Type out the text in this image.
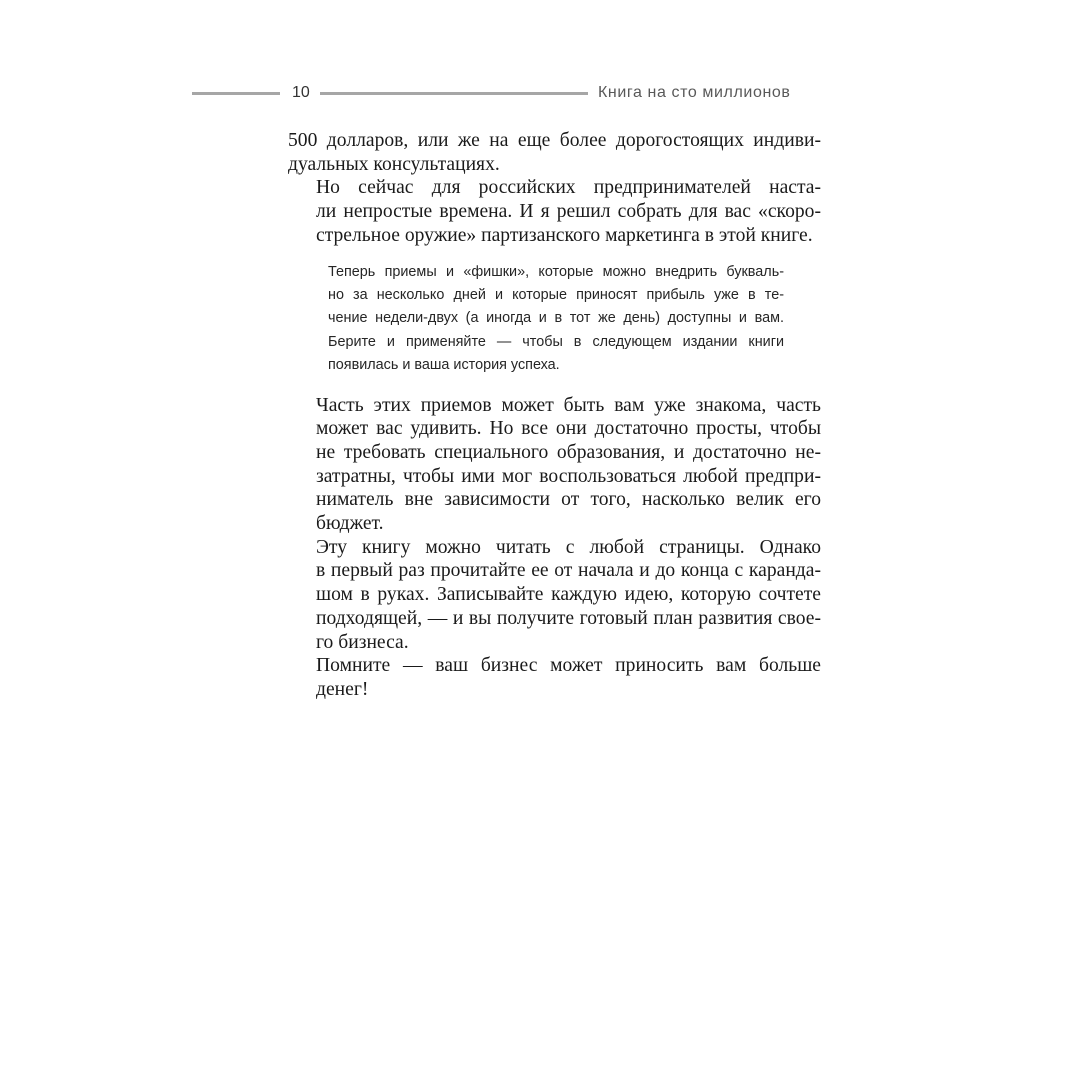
10	Книга на сто миллионов

500 долларов, или же на еще более дорогостоящих индиви-
дуальных консультациях.

Но сейчас для российских предпринимателей наста-
ли непростые времена. И я решил собрать для вас «скоро-
стрельное оружие» партизанского маркетинга в этой книге.

Теперь приемы и «фишки», которые можно внедрить букваль-
но за несколько дней и которые приносят прибыль уже в те-
чение недели-двух (а иногда и в тот же день) доступны и вам.
Берите и применяйте — чтобы в следующем издании книги
появилась и ваша история успеха.

Часть этих приемов может быть вам уже знакома, часть
может вас удивить. Но все они достаточно просты, чтобы
не требовать специального образования, и достаточно не-
затратны, чтобы ими мог воспользоваться любой предпри-
ниматель вне зависимости от того, насколько велик его
бюджет.

Эту книгу можно читать с любой страницы. Однако
в первый раз прочитайте ее от начала и до конца с каранда-
шом в руках. Записывайте каждую идею, которую сочтете
подходящей, — и вы получите готовый план развития свое-
го бизнеса.

Помните — ваш бизнес может приносить вам больше
денег!
